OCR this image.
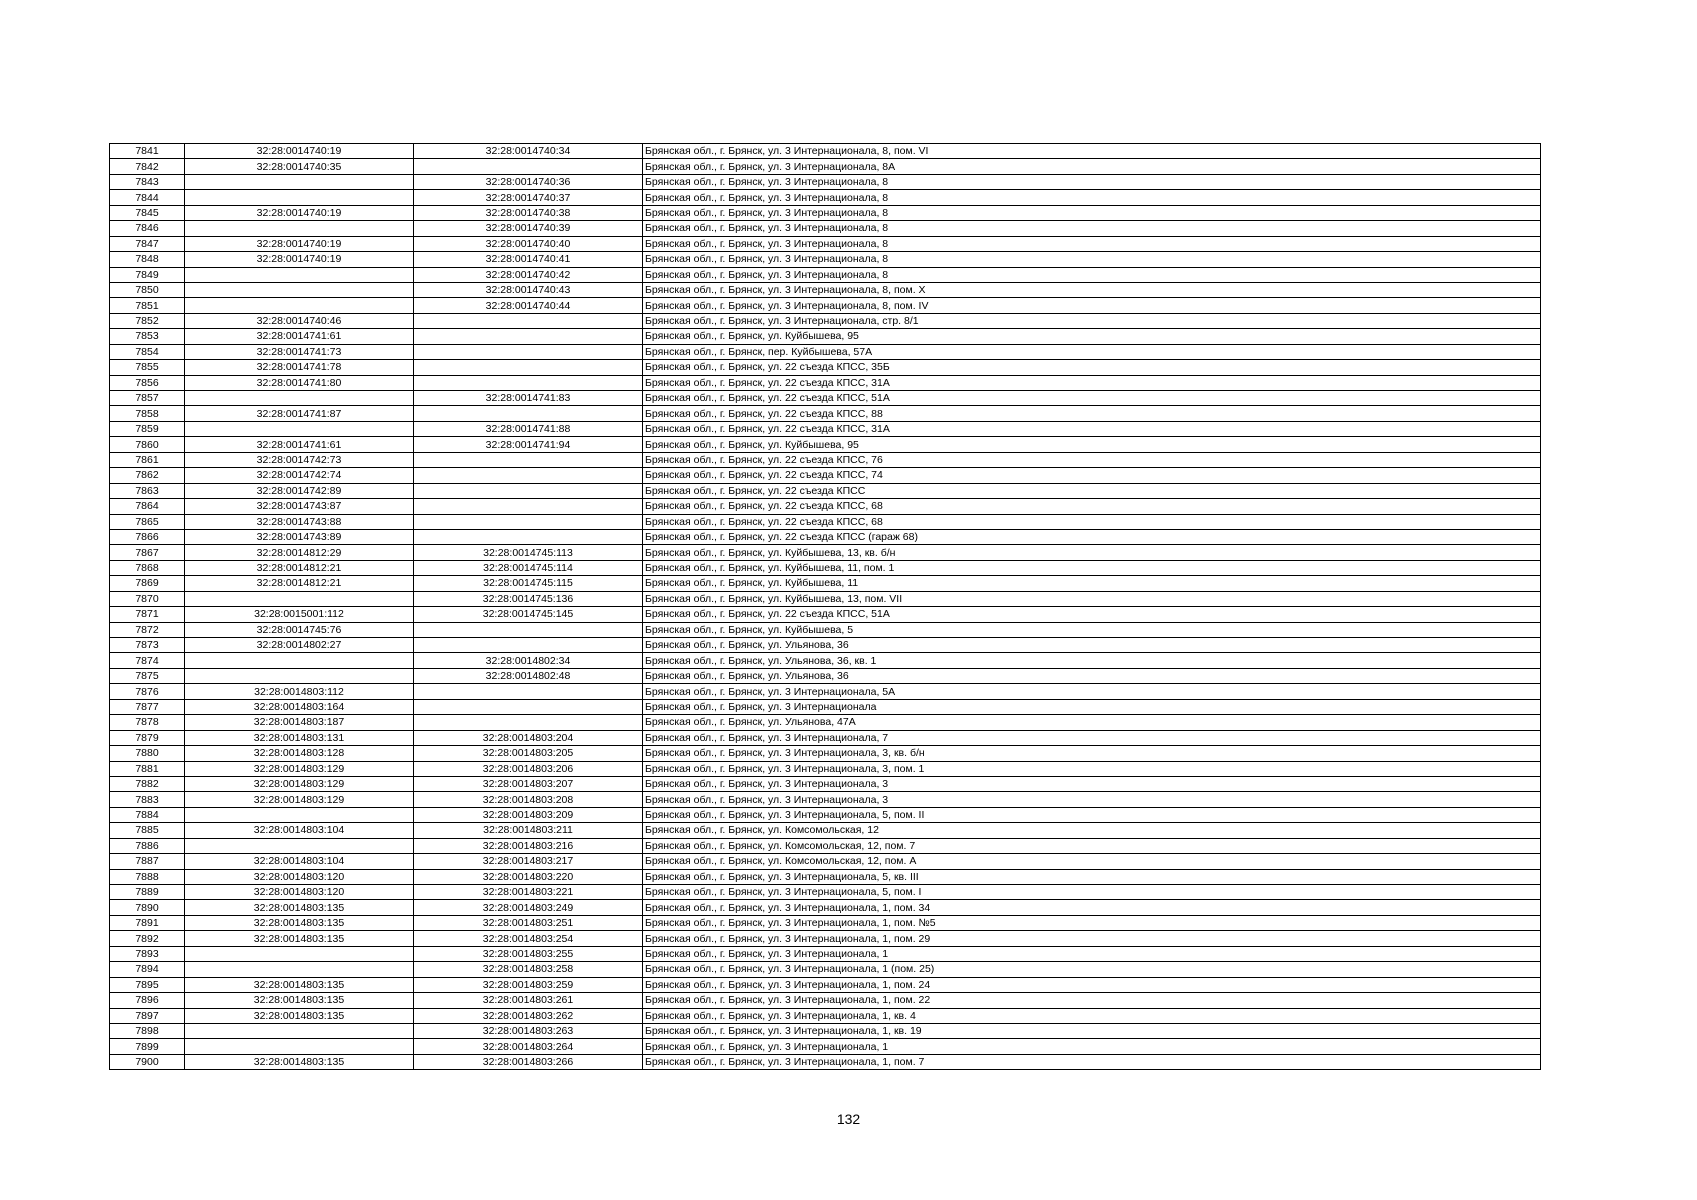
7841	32:28:0014740:19	32:28:0014740:34	Брянская обл., г. Брянск, ул. 3 Интернационала, 8, пом. VI
7842	32:28:0014740:35		Брянская обл., г. Брянск, ул. 3 Интернационала, 8А
7843		32:28:0014740:36	Брянская обл., г. Брянск, ул. 3 Интернационала, 8
7844		32:28:0014740:37	Брянская обл., г. Брянск, ул. 3 Интернационала, 8
7845	32:28:0014740:19	32:28:0014740:38	Брянская обл., г. Брянск, ул. 3 Интернационала, 8
7846		32:28:0014740:39	Брянская обл., г. Брянск, ул. 3 Интернационала, 8
7847	32:28:0014740:19	32:28:0014740:40	Брянская обл., г. Брянск, ул. 3 Интернационала, 8
7848	32:28:0014740:19	32:28:0014740:41	Брянская обл., г. Брянск, ул. 3 Интернационала, 8
7849		32:28:0014740:42	Брянская обл., г. Брянск, ул. 3 Интернационала, 8
7850		32:28:0014740:43	Брянская обл., г. Брянск, ул. 3 Интернационала, 8, пом. X
7851		32:28:0014740:44	Брянская обл., г. Брянск, ул. 3 Интернационала, 8, пом. IV
7852	32:28:0014740:46		Брянская обл., г. Брянск, ул. 3 Интернационала, стр. 8/1
7853	32:28:0014741:61		Брянская обл., г. Брянск, ул. Куйбышева, 95
7854	32:28:0014741:73		Брянская обл., г. Брянск, пер. Куйбышева, 57А
7855	32:28:0014741:78		Брянская обл., г. Брянск, ул. 22 съезда КПСС, 35Б
7856	32:28:0014741:80		Брянская обл., г. Брянск, ул. 22 съезда КПСС, 31А
7857		32:28:0014741:83	Брянская обл., г. Брянск, ул. 22 съезда КПСС, 51А
7858	32:28:0014741:87		Брянская обл., г. Брянск, ул. 22 съезда КПСС, 88
7859		32:28:0014741:88	Брянская обл., г. Брянск, ул. 22 съезда КПСС, 31А
7860	32:28:0014741:61	32:28:0014741:94	Брянская обл., г. Брянск, ул. Куйбышева, 95
7861	32:28:0014742:73		Брянская обл., г. Брянск, ул. 22 съезда КПСС, 76
7862	32:28:0014742:74		Брянская обл., г. Брянск, ул. 22 съезда КПСС, 74
7863	32:28:0014742:89		Брянская обл., г. Брянск, ул. 22 съезда КПСС
7864	32:28:0014743:87		Брянская обл., г. Брянск, ул. 22 съезда КПСС, 68
7865	32:28:0014743:88		Брянская обл., г. Брянск, ул. 22 съезда КПСС, 68
7866	32:28:0014743:89		Брянская обл., г. Брянск, ул. 22 съезда КПСС (гараж 68)
7867	32:28:0014812:29	32:28:0014745:113	Брянская обл., г. Брянск, ул. Куйбышева, 13, кв. б/н
7868	32:28:0014812:21	32:28:0014745:114	Брянская обл., г. Брянск, ул. Куйбышева, 11, пом. 1
7869	32:28:0014812:21	32:28:0014745:115	Брянская обл., г. Брянск, ул. Куйбышева, 11
7870		32:28:0014745:136	Брянская обл., г. Брянск, ул. Куйбышева, 13, пом. VII
7871	32:28:0015001:112	32:28:0014745:145	Брянская обл., г. Брянск, ул. 22 съезда КПСС, 51А
7872	32:28:0014745:76		Брянская обл., г. Брянск, ул. Куйбышева, 5
7873	32:28:0014802:27		Брянская обл., г. Брянск, ул. Ульянова, 36
7874		32:28:0014802:34	Брянская обл., г. Брянск, ул. Ульянова, 36, кв. 1
7875		32:28:0014802:48	Брянская обл., г. Брянск, ул. Ульянова, 36
7876	32:28:0014803:112		Брянская обл., г. Брянск, ул. 3 Интернационала, 5А
7877	32:28:0014803:164		Брянская обл., г. Брянск, ул. 3 Интернационала
7878	32:28:0014803:187		Брянская обл., г. Брянск, ул. Ульянова, 47А
7879	32:28:0014803:131	32:28:0014803:204	Брянская обл., г. Брянск, ул. 3 Интернационала, 7
7880	32:28:0014803:128	32:28:0014803:205	Брянская обл., г. Брянск, ул. 3 Интернационала, 3, кв. б/н
7881	32:28:0014803:129	32:28:0014803:206	Брянская обл., г. Брянск, ул. 3 Интернационала, 3, пом. 1
7882	32:28:0014803:129	32:28:0014803:207	Брянская обл., г. Брянск, ул. 3 Интернационала, 3
7883	32:28:0014803:129	32:28:0014803:208	Брянская обл., г. Брянск, ул. 3 Интернационала, 3
7884		32:28:0014803:209	Брянская обл., г. Брянск, ул. 3 Интернационала, 5, пом. II
7885	32:28:0014803:104	32:28:0014803:211	Брянская обл., г. Брянск, ул. Комсомольская, 12
7886		32:28:0014803:216	Брянская обл., г. Брянск, ул. Комсомольская, 12, пом. 7
7887	32:28:0014803:104	32:28:0014803:217	Брянская обл., г. Брянск, ул. Комсомольская, 12, пом. А
7888	32:28:0014803:120	32:28:0014803:220	Брянская обл., г. Брянск, ул. 3 Интернационала, 5, кв. III
7889	32:28:0014803:120	32:28:0014803:221	Брянская обл., г. Брянск, ул. 3 Интернационала, 5, пом. I
7890	32:28:0014803:135	32:28:0014803:249	Брянская обл., г. Брянск, ул. 3 Интернационала, 1, пом. 34
7891	32:28:0014803:135	32:28:0014803:251	Брянская обл., г. Брянск, ул. 3 Интернационала, 1, пом. №5
7892	32:28:0014803:135	32:28:0014803:254	Брянская обл., г. Брянск, ул. 3 Интернационала, 1, пом. 29
7893		32:28:0014803:255	Брянская обл., г. Брянск, ул. 3 Интернационала, 1
7894		32:28:0014803:258	Брянская обл., г. Брянск, ул. 3 Интернационала, 1 (пом. 25)
7895	32:28:0014803:135	32:28:0014803:259	Брянская обл., г. Брянск, ул. 3 Интернационала, 1, пом. 24
7896	32:28:0014803:135	32:28:0014803:261	Брянская обл., г. Брянск, ул. 3 Интернационала, 1, пом. 22
7897	32:28:0014803:135	32:28:0014803:262	Брянская обл., г. Брянск, ул. 3 Интернационала, 1, кв. 4
7898		32:28:0014803:263	Брянская обл., г. Брянск, ул. 3 Интернационала, 1, кв. 19
7899		32:28:0014803:264	Брянская обл., г. Брянск, ул. 3 Интернационала, 1
7900	32:28:0014803:135	32:28:0014803:266	Брянская обл., г. Брянск, ул. 3 Интернационала, 1, пом. 7
132
